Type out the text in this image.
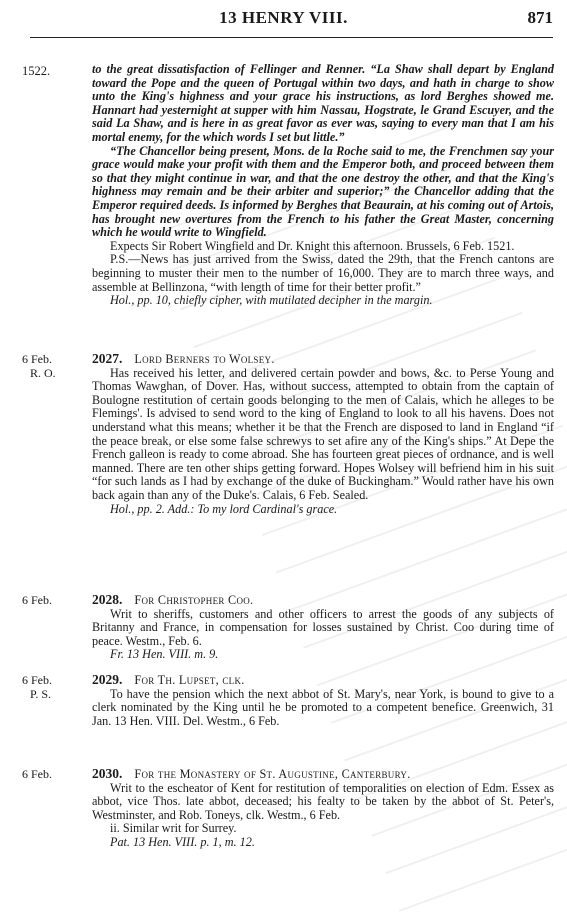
13 HENRY VIII.	871
1522.	to the great dissatisfaction of Fellinger and Renner. “La Shaw shall depart by England toward the Pope and the queen of Portugal within two days, and hath in charge to show unto the King's highness and your grace his instructions, as lord Berghes showed me. Hannart had yesternight at supper with him Nassau, Hogstrate, le Grand Escuyer, and the said La Shaw, and is here in as great favor as ever was, saying to every man that I am his mortal enemy, for the which words I set but little.”

“The Chancellor being present, Mons. de la Roche said to me, the Frenchmen say your grace would make your profit with them and the Emperor both, and proceed between them so that they might continue in war, and that the one destroy the other, and that the King's highness may remain and be their arbiter and superior;” the Chancellor adding that the Emperor required deeds. Is informed by Berghes that Beaurain, at his coming out of Artois, has brought new overtures from the French to his father the Great Master, concerning which he would write to Wingfield.

Expects Sir Robert Wingfield and Dr. Knight this afternoon. Brussels, 6 Feb. 1521.

P.S.—News has just arrived from the Swiss, dated the 29th, that the French cantons are beginning to muster their men to the number of 16,000. They are to march three ways, and assemble at Bellinzona, “with length of time for their better profit.”

Hol., pp. 10, chiefly cipher, with mutilated decipher in the margin.

6 Feb.
R. O.

2027. Lord Berners to Wolsey.

Has received his letter, and delivered certain powder and bows, &c. to Perse Young and Thomas Wawghan, of Dover. Has, without success, attempted to obtain from the captain of Boulogne restitution of certain goods belonging to the men of Calais, which he alleges to be Flemings'. Is advised to send word to the king of England to look to all his havens. Does not understand what this means; whether it be that the French are disposed to land in England “if the peace break, or else some false schrewys to set afire any of the King's ships.” At Depe the French galleon is ready to come abroad. She has fourteen great pieces of ordnance, and is well manned. There are ten other ships getting forward. Hopes Wolsey will befriend him in his suit “for such lands as I had by exchange of the duke of Buckingham.” Would rather have his own back again than any of the Duke's. Calais, 6 Feb. Sealed.

Hol., pp. 2. Add.: To my lord Cardinal's grace.

6 Feb.	2028. For Christopher Coo.

Writ to sheriffs, customers and other officers to arrest the goods of any subjects of Britanny and France, in compensation for losses sustained by Christ. Coo during time of peace. Westm., Feb. 6.

Fr. 13 Hen. VIII. m. 9.

6 Feb.
P. S.

2029. For Th. Lupset, clk.

To have the pension which the next abbot of St. Mary's, near York, is bound to give to a clerk nominated by the King until he be promoted to a competent benefice. Greenwich, 31 Jan. 13 Hen. VIII. Del. Westm., 6 Feb.

6 Feb.	2030. For the Monastery of St. Augustine, Canterbury.

Writ to the escheator of Kent for restitution of temporalities on election of Edm. Essex as abbot, vice Thos. late abbot, deceased; his fealty to be taken by the abbot of St. Peter's, Westminster, and Rob. Toneys, clk. Westm., 6 Feb.

ii. Similar writ for Surrey.

Pat. 13 Hen. VIII. p. 1, m. 12.
